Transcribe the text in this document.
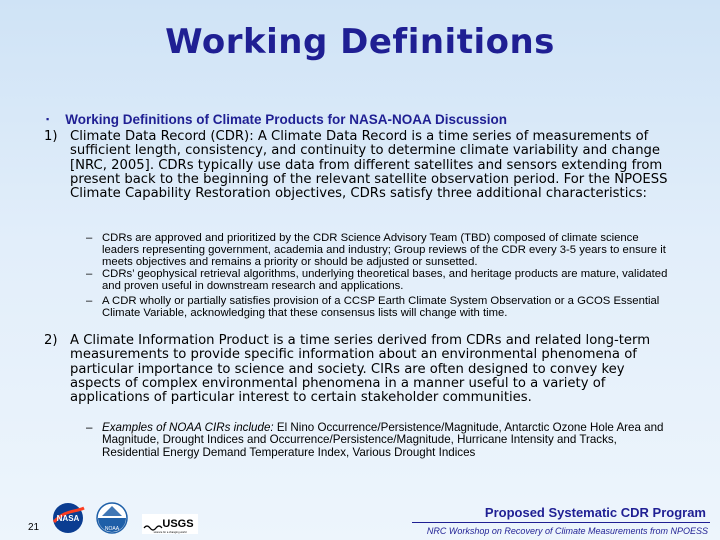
Working Definitions
▪ Working Definitions of Climate Products for NASA-NOAA Discussion
1) Climate Data Record (CDR): A Climate Data Record is a time series of measurements of sufficient length, consistency, and continuity to determine climate variability and change [NRC, 2005]. CDRs typically use data from different satellites and sensors extending from present back to the beginning of the relevant satellite observation period. For the NPOESS Climate Capability Restoration objectives, CDRs satisfy three additional characteristics:
– CDRs are approved and prioritized by the CDR Science Advisory Team (TBD) composed of climate science leaders representing government, academia and industry; Group reviews of the CDR every 3-5 years to ensure it meets objectives and remains a priority or should be adjusted or sunsetted.
– CDRs’ geophysical retrieval algorithms, underlying theoretical bases, and heritage products are mature, validated and proven useful in downstream research and applications.
– A CDR wholly or partially satisfies provision of a CCSP Earth Climate System Observation or a GCOS Essential Climate Variable, acknowledging that these consensus lists will change with time.
2) A Climate Information Product is a time series derived from CDRs and related long-term measurements to provide specific information about an environmental phenomena of particular importance to science and society. CIRs are often designed to convey key aspects of complex environmental phenomena in a manner useful to a variety of applications of particular interest to certain stakeholder communities.
– Examples of NOAA CIRs include: El Nino Occurrence/Persistence/Magnitude, Antarctic Ozone Hole Area and Magnitude, Drought Indices and Occurrence/Persistence/Magnitude, Hurricane Intensity and Tracks, Residential Energy Demand Temperature Index, Various Drought Indices
21
NASA
NOAA	USGS
science for a changing world
Proposed Systematic CDR Program
NRC Workshop on Recovery of Climate Measurements from NPOESS
